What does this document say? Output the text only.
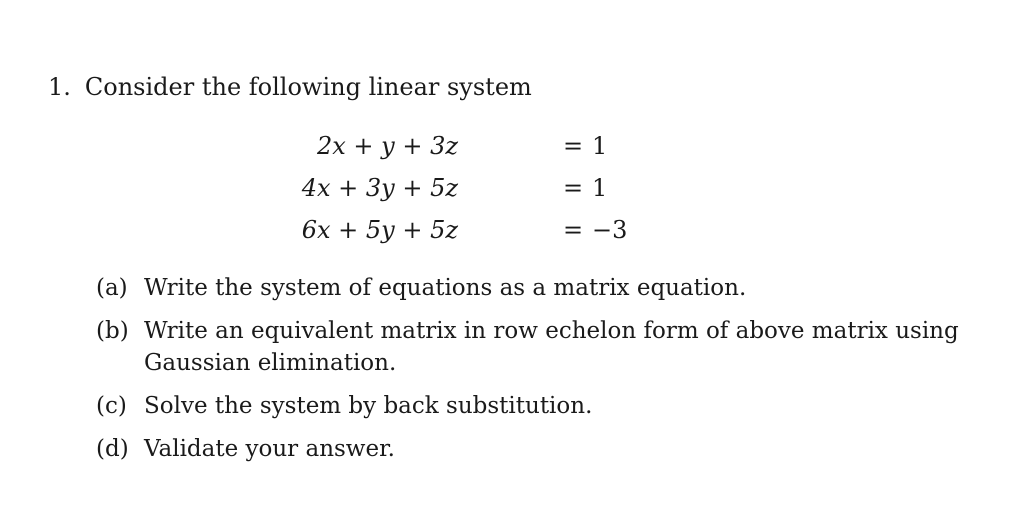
1. Consider the following linear system
2x + y + 3z	= 1
4x + 3y + 5z	= 1
6x + 5y + 5z	= −3
(a) Write the system of equations as a matrix equation.
(b) Write an equivalent matrix in row echelon form of above matrix using Gaussian elimination.
(c) Solve the system by back substitution.
(d) Validate your answer.
